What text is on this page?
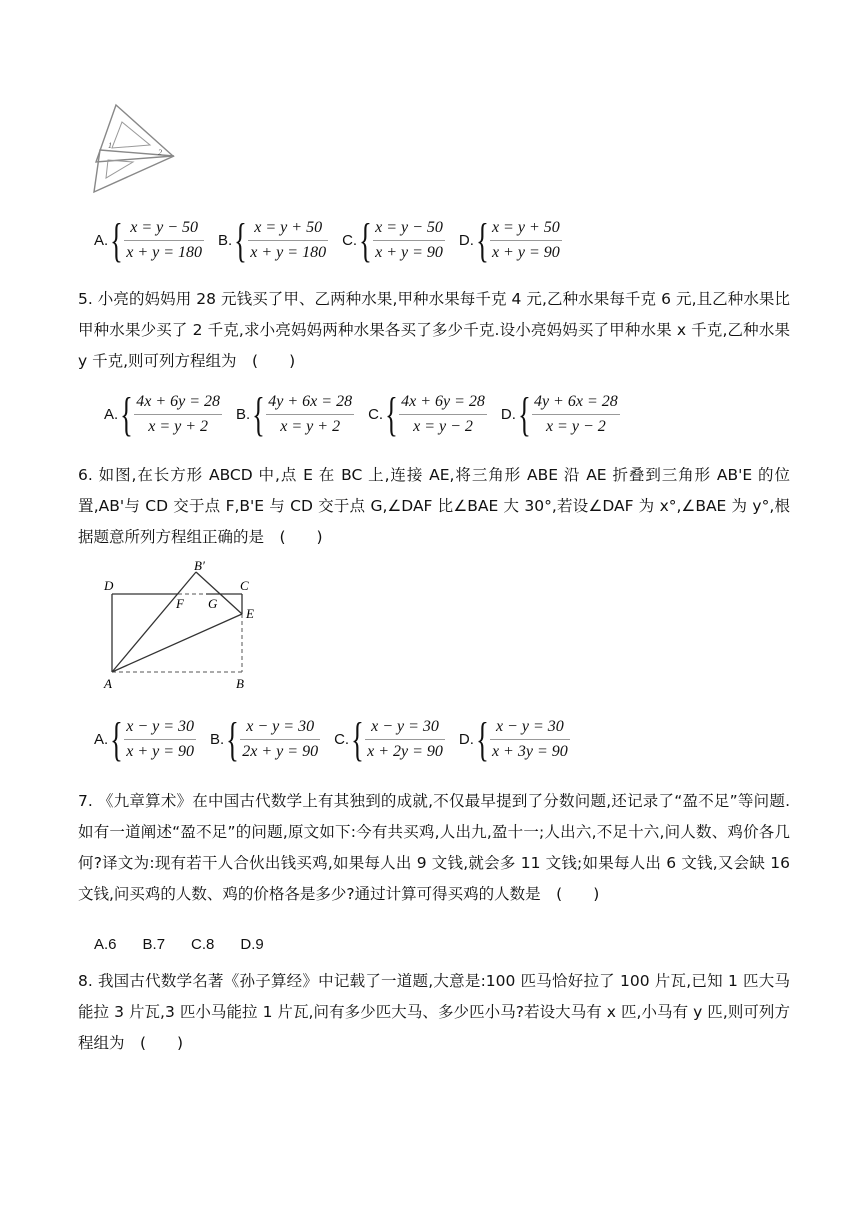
1
2
A. { x = y − 50
x + y = 180
B. { x = y + 50
x + y = 180
C. { x = y − 50
x + y = 90
D. { x = y + 50
x + y = 90
5. 小亮的妈妈用 28 元钱买了甲、乙两种水果,甲种水果每千克 4 元,乙种水果每千克 6 元,且乙种水果比甲种水果少买了 2 千克,求小亮妈妈两种水果各买了多少千克.设小亮妈妈买了甲种水果 x 千克,乙种水果 y 千克,则可列方程组为　(　　)
A. { 4x + 6y = 28
x = y + 2
B. { 4y + 6x = 28
x = y + 2
C. { 4x + 6y = 28
x = y − 2
D. { 4y + 6x = 28
x = y − 2
6. 如图,在长方形 ABCD 中,点 E 在 BC 上,连接 AE,将三角形 ABE 沿 AE 折叠到三角形 AB'E 的位置,AB'与 CD 交于点 F,B'E 与 CD 交于点 G,∠DAF 比∠BAE 大 30°,若设∠DAF 为 x°,∠BAE 为 y°,根据题意所列方程组正确的是　(　　)
D
B′
C
F G
E
A	B
A. { x − y = 30
x + y = 90
B. { x − y = 30
2x + y = 90
C. { x − y = 30
x + 2y = 90
D. { x − y = 30
x + 3y = 90
7. 《九章算术》在中国古代数学上有其独到的成就,不仅最早提到了分数问题,还记录了“盈不足”等问题.如有一道阐述“盈不足”的问题,原文如下:今有共买鸡,人出九,盈十一;人出六,不足十六,问人数、鸡价各几何?译文为:现有若干人合伙出钱买鸡,如果每人出 9 文钱,就会多 11 文钱;如果每人出 6 文钱,又会缺 16 文钱,问买鸡的人数、鸡的价格各是多少?通过计算可得买鸡的人数是　(　　)
A.6 B.7 C.8 D.9
8. 我国古代数学名著《孙子算经》中记载了一道题,大意是:100 匹马恰好拉了 100 片瓦,已知 1 匹大马能拉 3 片瓦,3 匹小马能拉 1 片瓦,问有多少匹大马、多少匹小马?若设大马有 x 匹,小马有 y 匹,则可列方程组为　(　　)
